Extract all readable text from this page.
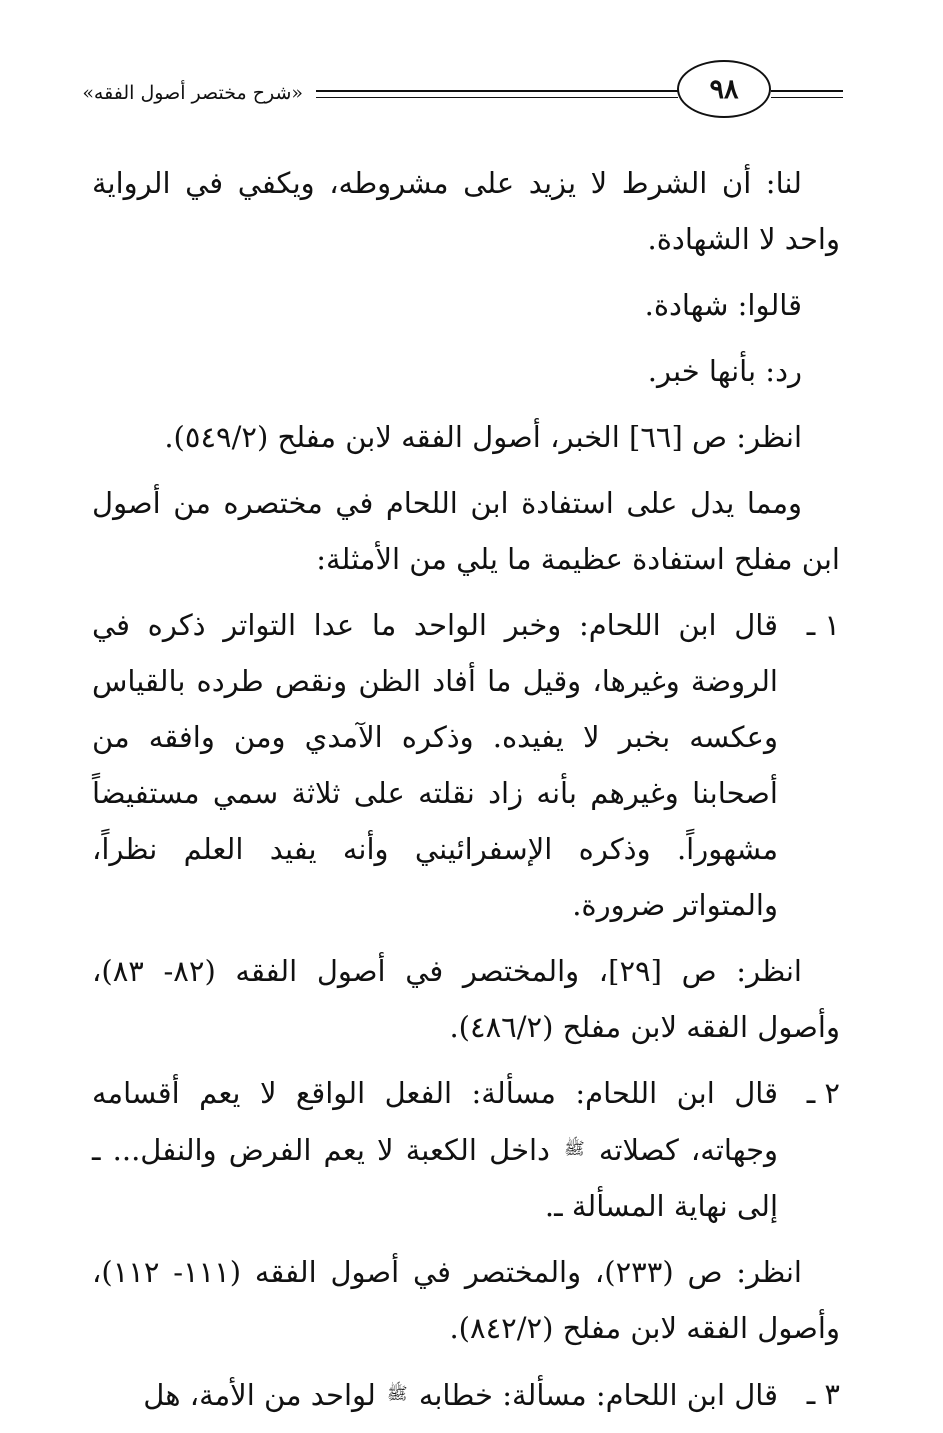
«شرح مختصر أصول الفقه»	٩٨

لنا: أن الشرط لا يزيد على مشروطه، ويكفي في الرواية واحد لا الشهادة.

قالوا: شهادة.

رد: بأنها خبر.

انظر: ص [٦٦] الخبر، أصول الفقه لابن مفلح (٥٤٩/٢).

ومما يدل على استفادة ابن اللحام في مختصره من أصول ابن مفلح استفادة عظيمة ما يلي من الأمثلة:

١ ـ
قال ابن اللحام: وخبر الواحد ما عدا التواتر ذكره في الروضة وغيرها، وقيل ما أفاد الظن ونقص طرده بالقياس وعكسه بخبر لا يفيده. وذكره الآمدي ومن وافقه من أصحابنا وغيرهم بأنه زاد نقلته على ثلاثة سمي مستفيضاً مشهوراً. وذكره الإسفرائيني وأنه يفيد العلم نظراً، والمتواتر ضرورة.

انظر: ص [٢٩]، والمختصر في أصول الفقه (٨٢- ٨٣)، وأصول الفقه لابن مفلح (٤٨٦/٢).

٢ ـ
قال ابن اللحام: مسألة: الفعل الواقع لا يعم أقسامه وجهاته، كصلاته $^ﷺ$ داخل الكعبة لا يعم الفرض والنفل... ـ إلى نهاية المسألة ـ.

انظر: ص (٢٣٣)، والمختصر في أصول الفقه (١١١- ١١٢)، وأصول الفقه لابن مفلح (٨٤٢/٢).

٣ ـ
قال ابن اللحام: مسألة: خطابه $^ﷺ$ لواحد من الأمة، هل
